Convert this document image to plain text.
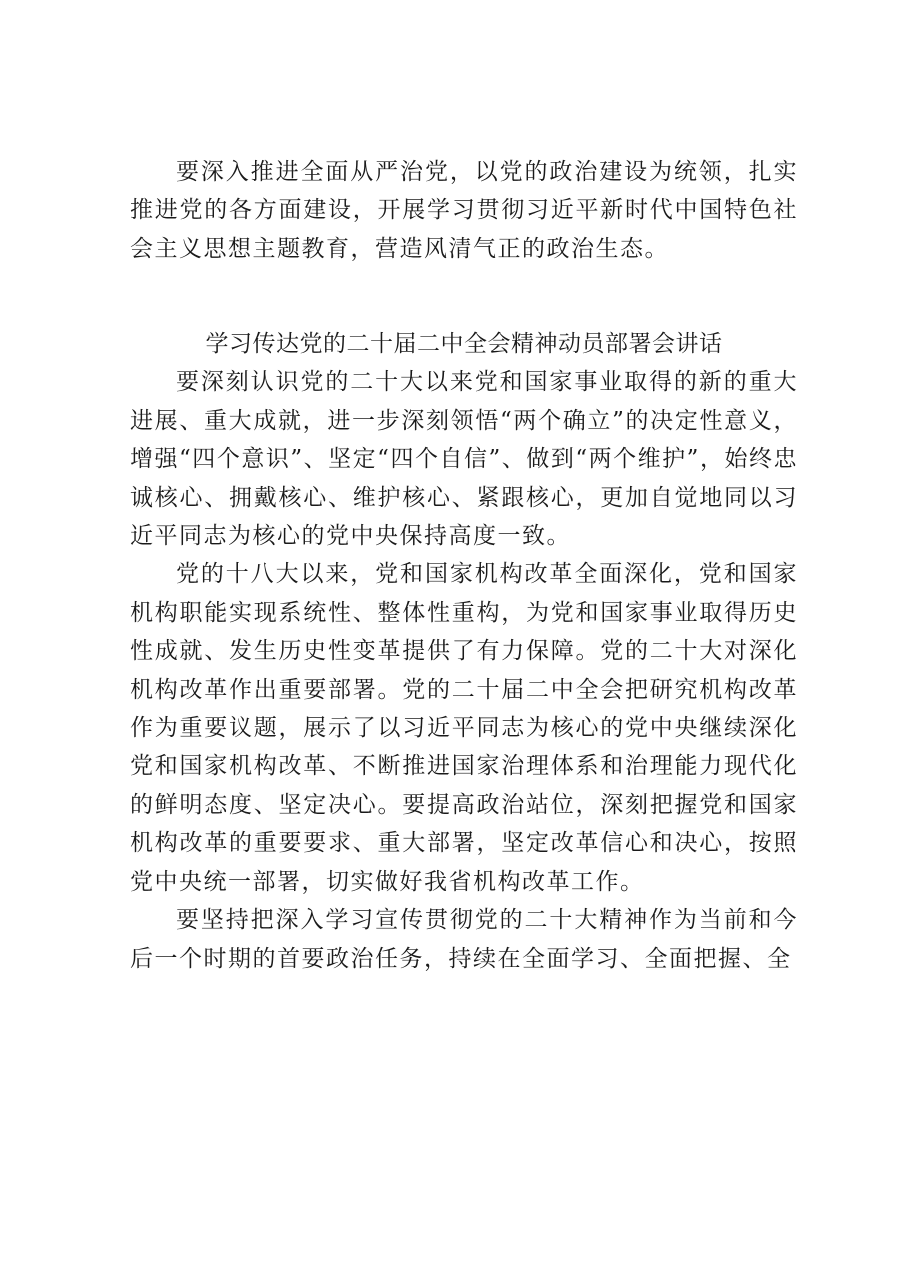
要深入推进全面从严治党，以党的政治建设为统领，扎实推进党的各方面建设，开展学习贯彻习近平新时代中国特色社会主义思想主题教育，营造风清气正的政治生态。

学习传达党的二十届二中全会精神动员部署会讲话

要深刻认识党的二十大以来党和国家事业取得的新的重大进展、重大成就，进一步深刻领悟“两个确立”的决定性意义，增强“四个意识”、坚定“四个自信”、做到“两个维护”，始终忠诚核心、拥戴核心、维护核心、紧跟核心，更加自觉地同以习近平同志为核心的党中央保持高度一致。

党的十八大以来，党和国家机构改革全面深化，党和国家机构职能实现系统性、整体性重构，为党和国家事业取得历史性成就、发生历史性变革提供了有力保障。党的二十大对深化机构改革作出重要部署。党的二十届二中全会把研究机构改革作为重要议题，展示了以习近平同志为核心的党中央继续深化党和国家机构改革、不断推进国家治理体系和治理能力现代化的鲜明态度、坚定决心。要提高政治站位，深刻把握党和国家机构改革的重要要求、重大部署，坚定改革信心和决心，按照党中央统一部署，切实做好我省机构改革工作。

要坚持把深入学习宣传贯彻党的二十大精神作为当前和今后一个时期的首要政治任务，持续在全面学习、全面把握、全
